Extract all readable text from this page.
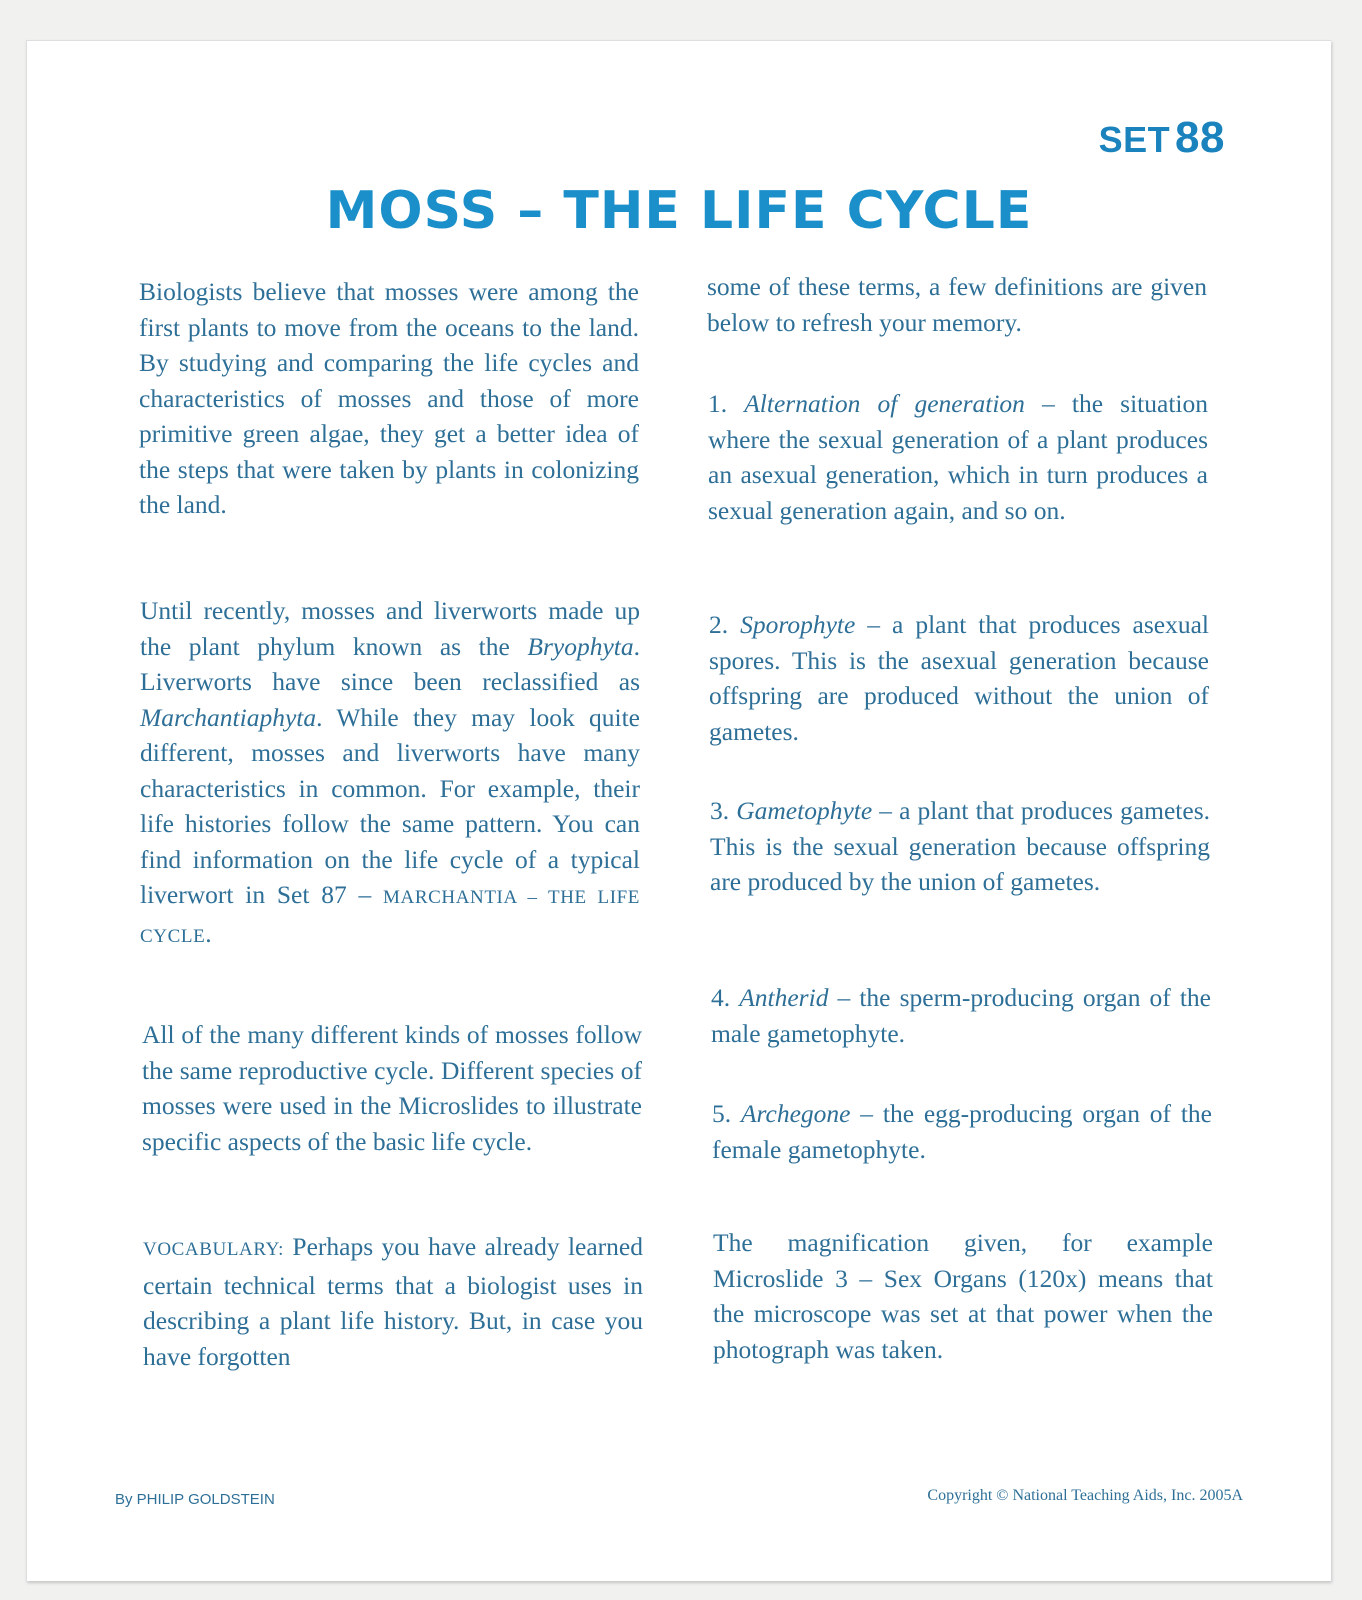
SET 88
MOSS – THE LIFE CYCLE

Biologists believe that mosses were among the first plants to move from the oceans to the land. By studying and comparing the life cycles and characteristics of mosses and those of more primitive green algae, they get a better idea of the steps that were taken by plants in colonizing the land.

Until recently, mosses and liverworts made up the plant phylum known as the Bryophyta. Liverworts have since been reclassified as Marchantiaphyta. While they may look quite different, mosses and liverworts have many characteristics in common. For example, their life histories follow the same pattern. You can find information on the life cycle of a typical liverwort in Set 87 – MARCHANTIA – THE LIFE CYCLE.

All of the many different kinds of mosses follow the same reproductive cycle. Different species of mosses were used in the Microslides to illustrate specific aspects of the basic life cycle.

VOCABULARY: Perhaps you have already learned certain technical terms that a biologist uses in describing a plant life history. But, in case you have forgotten

some of these terms, a few definitions are given below to refresh your memory.

1. Alternation of generation – the situation where the sexual generation of a plant produces an asexual generation, which in turn produces a sexual generation again, and so on.

2. Sporophyte – a plant that produces asexual spores. This is the asexual generation because offspring are produced without the union of gametes.

3. Gametophyte – a plant that produces gametes. This is the sexual generation because offspring are produced by the union of gametes.

4. Antherid – the sperm-producing organ of the male gametophyte.

5. Archegone – the egg-producing organ of the female gametophyte.

The magnification given, for example Microslide 3 – Sex Organs (120x) means that the microscope was set at that power when the photograph was taken.

By PHILIP GOLDSTEIN	Copyright © National Teaching Aids, Inc. 2005A
